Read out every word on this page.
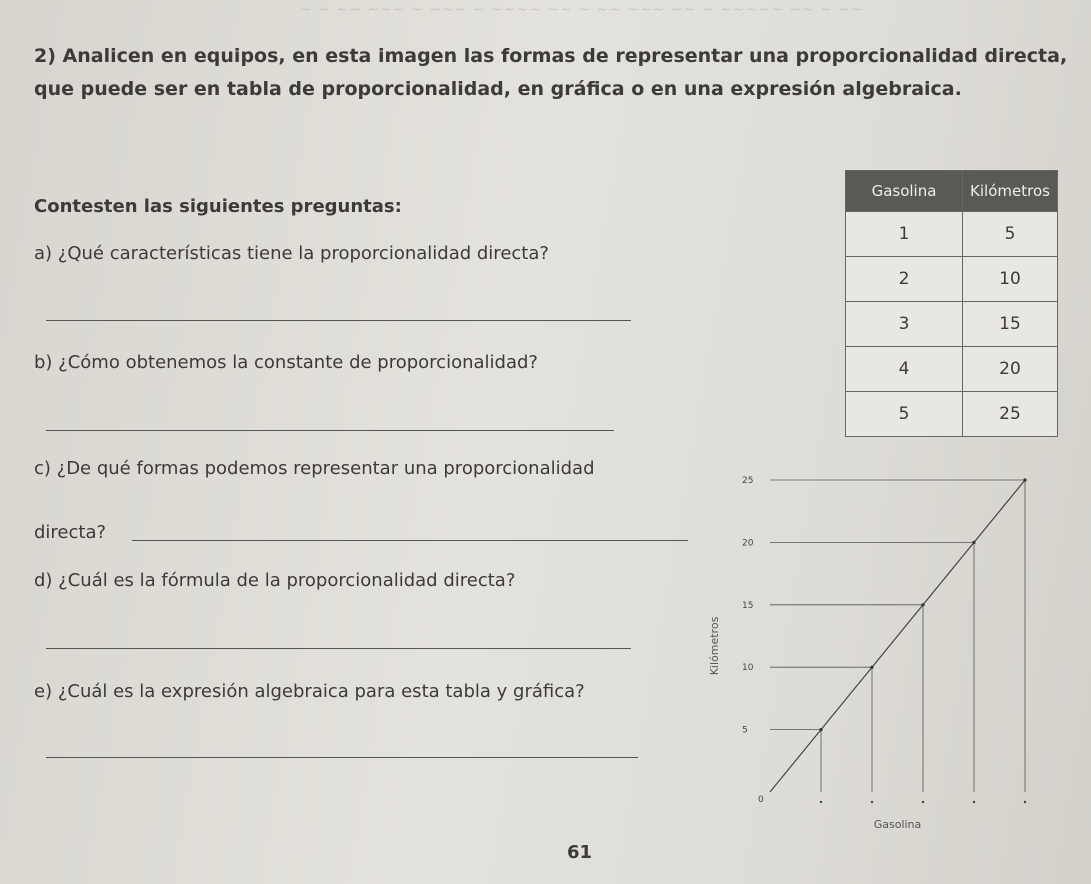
~ ~ ~~ ~~~ ~ ~~~ ~ ~~~~ ~~ ~ ~~ ~~~ ~~ ~ ~~~~~ ~~ ~ ~~
2) Analicen en equipos, en esta imagen las formas de representar una proporcionalidad directa, que puede ser en tabla de proporcionalidad, en gráfica o en una expresión algebraica.
Contesten las siguientes preguntas:
a) ¿Qué características tiene la proporcionalidad directa?
b) ¿Cómo obtenemos la constante de proporcionalidad?
c) ¿De qué formas podemos representar una proporcionalidad
directa?
d) ¿Cuál es la fórmula de la proporcionalidad directa?
e) ¿Cuál es la expresión algebraica para esta tabla y gráfica?
Gasolina	Kilómetros
1	5
2	10
3	15
4	20
5	25
5
10
15
20
25
0
Gasolina
Kilómetros
61
